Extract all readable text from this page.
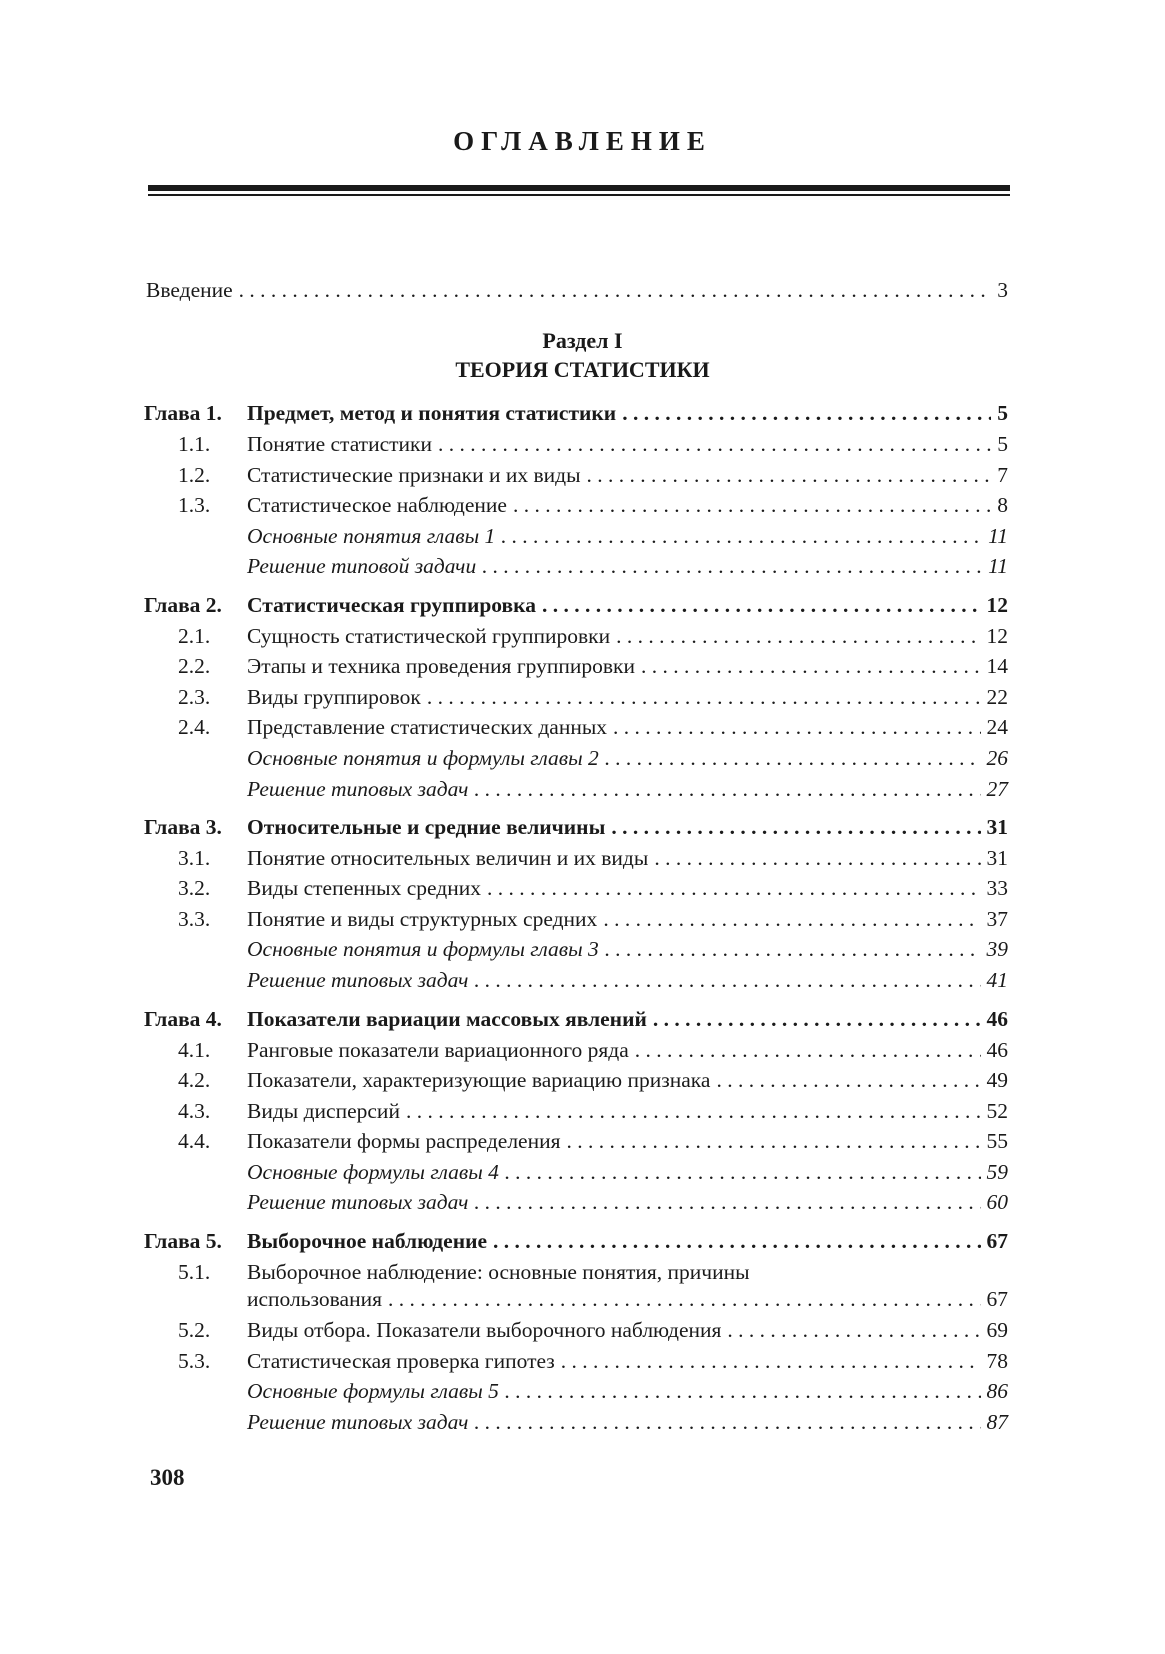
ОГЛАВЛЕНИЕ
Введение . . .	3
Раздел I
ТЕОРИЯ СТАТИСТИКИ
Глава 1. Предмет, метод и понятия статистики . . .	5
1.1. Понятие статистики . . .	5
1.2. Статистические признаки и их виды . . .	7
1.3. Статистическое наблюдение . . .	8
Основные понятия главы 1 . . .	11
Решение типовой задачи . . .	11
Глава 2. Статистическая группировка . . .	12
2.1. Сущность статистической группировки . . .	12
2.2. Этапы и техника проведения группировки . . .	14
2.3. Виды группировок . . .	22
2.4. Представление статистических данных . . .	24
Основные понятия и формулы главы 2 . . .	26
Решение типовых задач . . .	27
Глава 3. Относительные и средние величины . . .	31
3.1. Понятие относительных величин и их виды . . .	31
3.2. Виды степенных средних . . .	33
3.3. Понятие и виды структурных средних . . .	37
Основные понятия и формулы главы 3 . . .	39
Решение типовых задач . . .	41
Глава 4. Показатели вариации массовых явлений . . .	46
4.1. Ранговые показатели вариационного ряда . . .	46
4.2. Показатели, характеризующие вариацию признака . . .	49
4.3. Виды дисперсий . . .	52
4.4. Показатели формы распределения . . .	55
Основные формулы главы 4 . . .	59
Решение типовых задач . . .	60
Глава 5. Выборочное наблюдение . . .	67
5.1. Выборочное наблюдение: основные понятия, причины
использования . . .	67
5.2. Виды отбора. Показатели выборочного наблюдения . . .	69
5.3. Статистическая проверка гипотез . . .	78
Основные формулы главы 5 . . .	86
Решение типовых задач . . .	87
308
